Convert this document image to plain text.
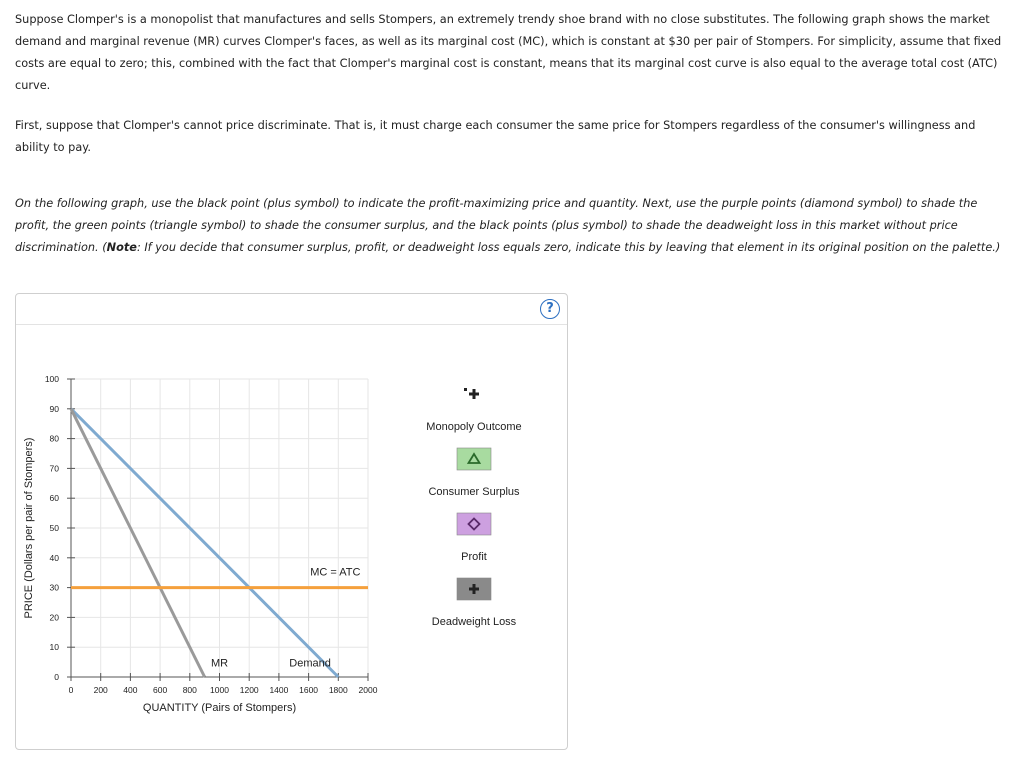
Suppose Clomper's is a monopolist that manufactures and sells Stompers, an extremely trendy shoe brand with no close substitutes. The following graph shows the market demand and marginal revenue (MR) curves Clomper's faces, as well as its marginal cost (MC), which is constant at $30 per pair of Stompers. For simplicity, assume that fixed costs are equal to zero; this, combined with the fact that Clomper's marginal cost is constant, means that its marginal cost curve is also equal to the average total cost (ATC) curve.

First, suppose that Clomper's cannot price discriminate. That is, it must charge each consumer the same price for Stompers regardless of the consumer's willingness and ability to pay.

On the following graph, use the black point (plus symbol) to indicate the profit-maximizing price and quantity. Next, use the purple points (diamond symbol) to shade the profit, the green points (triangle symbol) to shade the consumer surplus, and the black points (plus symbol) to shade the deadweight loss in this market without price discrimination. (Note: If you decide that consumer surplus, profit, or deadweight loss equals zero, indicate this by leaving that element in its original position on the palette.)

?
0
10
20
30
40
50
60
70
80
90
100
0 200 400 600 800 1000 1200 1400 1600 1800 2000
QUANTITY (Pairs of Stompers)
PRICE (Dollars per pair of Stompers)	MC = ATC
MR	Demand
Monopoly Outcome
Consumer Surplus
Profit
Deadweight Loss
